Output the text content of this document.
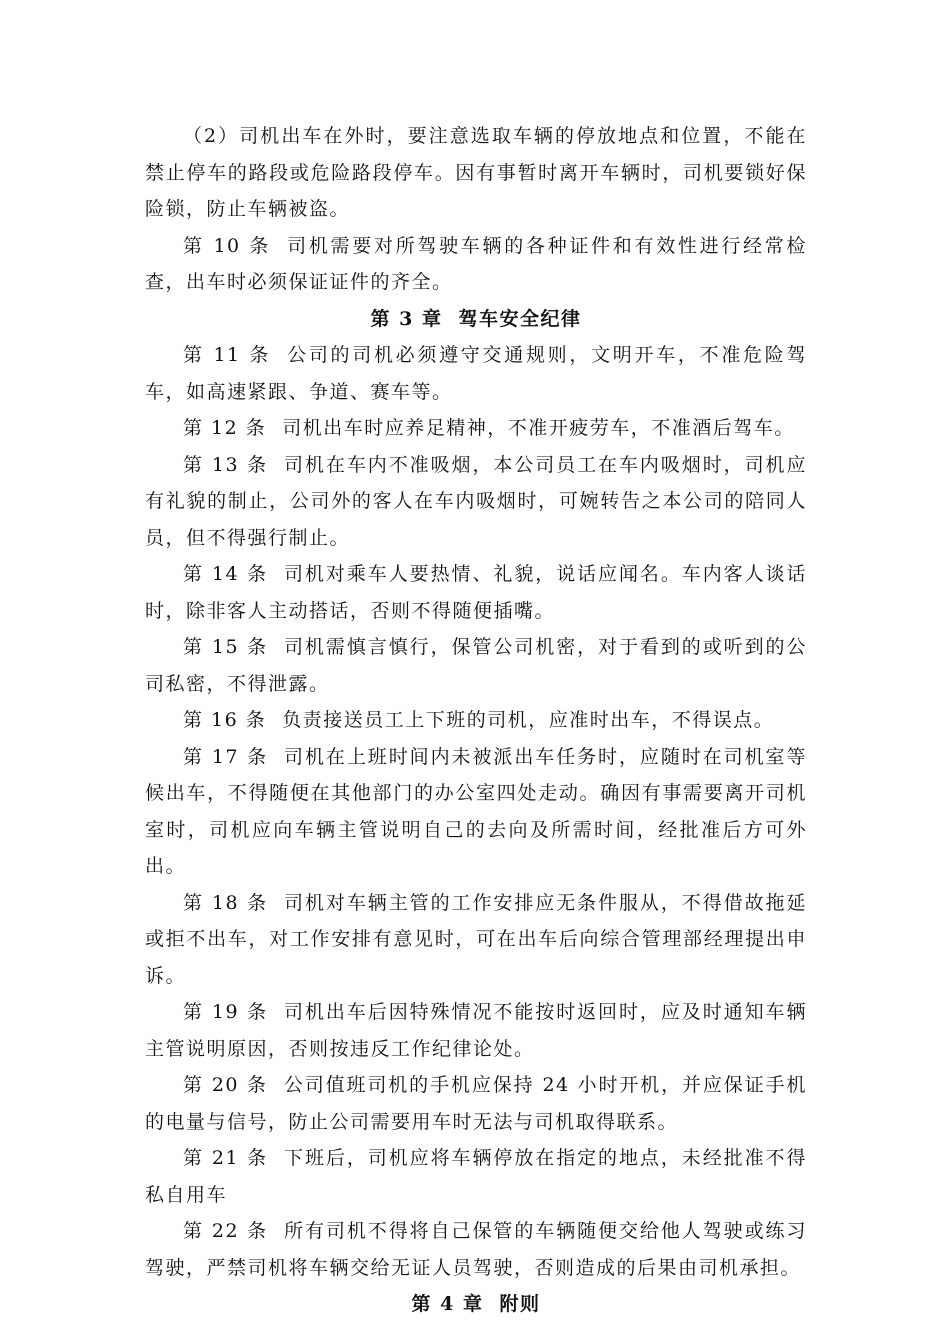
（2）司机出车在外时，要注意选取车辆的停放地点和位置，不能在禁止停车的路段或危险路段停车。因有事暂时离开车辆时，司机要锁好保险锁，防止车辆被盗。

第 10 条 司机需要对所驾驶车辆的各种证件和有效性进行经常检查，出车时必须保证证件的齐全。

第 3 章 驾车安全纪律

第 11 条 公司的司机必须遵守交通规则，文明开车，不准危险驾车，如高速紧跟、争道、赛车等。

第 12 条 司机出车时应养足精神，不准开疲劳车，不准酒后驾车。

第 13 条 司机在车内不准吸烟，本公司员工在车内吸烟时，司机应有礼貌的制止，公司外的客人在车内吸烟时，可婉转告之本公司的陪同人员，但不得强行制止。

第 14 条 司机对乘车人要热情、礼貌，说话应闻名。车内客人谈话时，除非客人主动搭话，否则不得随便插嘴。

第 15 条 司机需慎言慎行，保管公司机密，对于看到的或听到的公司私密，不得泄露。

第 16 条 负责接送员工上下班的司机，应准时出车，不得误点。

第 17 条 司机在上班时间内未被派出车任务时，应随时在司机室等候出车，不得随便在其他部门的办公室四处走动。确因有事需要离开司机室时，司机应向车辆主管说明自己的去向及所需时间，经批准后方可外出。

第 18 条 司机对车辆主管的工作安排应无条件服从，不得借故拖延或拒不出车，对工作安排有意见时，可在出车后向综合管理部经理提出申诉。

第 19 条 司机出车后因特殊情况不能按时返回时，应及时通知车辆主管说明原因，否则按违反工作纪律论处。

第 20 条 公司值班司机的手机应保持 24 小时开机，并应保证手机的电量与信号，防止公司需要用车时无法与司机取得联系。

第 21 条 下班后，司机应将车辆停放在指定的地点，未经批准不得私自用车

第 22 条 所有司机不得将自己保管的车辆随便交给他人驾驶或练习驾驶，严禁司机将车辆交给无证人员驾驶，否则造成的后果由司机承担。

第 4 章 附则
